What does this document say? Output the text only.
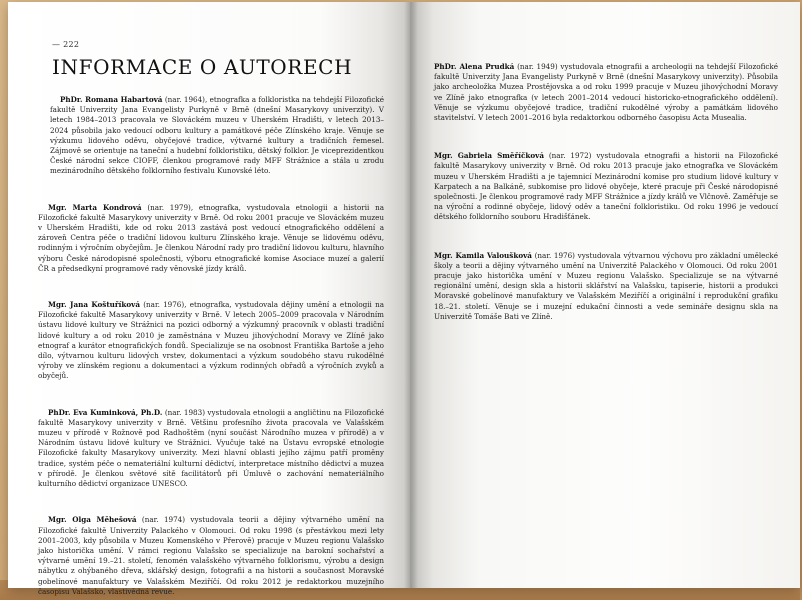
— 222
INFORMACE O AUTORECH

PhDr. Romana Habartová (nar. 1964), etnografka a folkloristka na tehdejší Filozofické fakultě Univerzity Jana Evangelisty Purkyně v Brně (dnešní Masarykovy univerzity). V letech 1984–2013 pracovala ve Slováckém muzeu v Uherském Hradišti, v letech 2013–2024 působila jako vedoucí odboru kultury a památkové péče Zlínského kraje. Věnuje se výzkumu lidového oděvu, obyčejové tradice, výtvarné kultury a tradičních řemesel. Zájmově se orientuje na taneční a hudební folkloristiku, dětský folklor. Je viceprezidentkou České národní sekce CIOFF, členkou programové rady MFF Strážnice a stála u zrodu mezinárodního dětského folklorního festivalu Kunovské léto.

Mgr. Marta Kondrová (nar. 1979), etnografka, vystudovala etnologii a historii na Filozofické fakultě Masarykovy univerzity v Brně. Od roku 2001 pracuje ve Slováckém muzeu v Uherském Hradišti, kde od roku 2013 zastává post vedoucí etnografického oddělení a zároveň Centra péče o tradiční lidovou kulturu Zlínského kraje. Věnuje se lidovému oděvu, rodinným i výročním obyčejům. Je členkou Národní rady pro tradiční lidovou kulturu, hlavního výboru České národopisné společnosti, výboru etnografické komise Asociace muzeí a galerií ČR a předsedkyní programové rady věnovské jízdy králů.

Mgr. Jana Koštuříková (nar. 1976), etnografka, vystudovala dějiny umění a etnologii na Filozofické fakultě Masarykovy univerzity v Brně. V letech 2005–2009 pracovala v Národním ústavu lidové kultury ve Strážnici na pozici odborný a výzkumný pracovník v oblasti tradiční lidové kultury a od roku 2010 je zaměstnána v Muzeu jihovýchodní Moravy ve Zlíně jako etnograf a kurátor etnografických fondů. Specializuje se na osobnost Františka Bartoše a jeho dílo, výtvarnou kulturu lidových vrstev, dokumentaci a výzkum soudobého stavu rukodělné výroby ve zlínském regionu a dokumentaci a výzkum rodinných obřadů a výročních zvyků a obyčejů.

PhDr. Eva Kuminková, Ph.D. (nar. 1983) vystudovala etnologii a angličtinu na Filozofické fakultě Masarykovy univerzity v Brně. Většinu profesního života pracovala ve Valašském muzeu v přírodě v Rožnově pod Radhoštěm (nyní součást Národního muzea v přírodě) a v Národním ústavu lidové kultury ve Strážnici. Vyučuje také na Ústavu evropské etnologie Filozofické fakulty Masarykovy univerzity. Mezi hlavní oblasti jejího zájmu patří proměny tradice, systém péče o nemateriální kulturní dědictví, interpretace místního dědictví a muzea v přírodě. Je členkou světové sítě facilitátorů při Úmluvě o zachování nemateriálního kulturního dědictví organizace UNESCO.

Mgr. Olga Měhešová (nar. 1974) vystudovala teorii a dějiny výtvarného umění na Filozofické fakultě Univerzity Palackého v Olomouci. Od roku 1998 (s přestávkou mezi lety 2001–2003, kdy působila v Muzeu Komenského v Přerově) pracuje v Muzeu regionu Valašsko jako historička umění. V rámci regionu Valašsko se specializuje na barokní sochařství a výtvarné umění 19.–21. století, fenomén valašského výtvarného folklorismu, výrobu a design nábytku z ohýbaného dřeva, sklářský design, fotografii a na historii a současnost Moravské gobelínové manufaktury ve Valašském Meziříčí. Od roku 2012 je redaktorkou muzejního časopisu Valašsko, vlastivědná revue.

PhDr. Alena Prudká (nar. 1949) vystudovala etnografii a archeologii na tehdejší Filozofické fakultě Univerzity Jana Evangelisty Purkyně v Brně (dnešní Masarykovy univerzity). Působila jako archeoložka Muzea Prostějovska a od roku 1999 pracuje v Muzeu jihovýchodní Moravy ve Zlíně jako etnografka (v letech 2001–2014 vedoucí historicko-etnografického oddělení). Věnuje se výzkumu obyčejové tradice, tradiční rukodělné výroby a památkám lidového stavitelství. V letech 2001–2016 byla redaktorkou odborného časopisu Acta Musealia.

Mgr. Gabriela Směříčková (nar. 1972) vystudovala etnografii a historii na Filozofické fakultě Masarykovy univerzity v Brně. Od roku 2013 pracuje jako etnografka ve Slováckém muzeu v Uherském Hradišti a je tajemnicí Mezinárodní komise pro studium lidové kultury v Karpatech a na Balkáně, subkomise pro lidové obyčeje, které pracuje při České národopisné společnosti. Je členkou programové rady MFF Strážnice a jízdy králů ve Vlčnově. Zaměřuje se na výroční a rodinné obyčeje, lidový oděv a taneční folkloristiku. Od roku 1996 je vedoucí dětského folklorního souboru Hradišťánek.

Mgr. Kamila Valoušková (nar. 1976) vystudovala výtvarnou výchovu pro základní umělecké školy a teorii a dějiny výtvarného umění na Univerzitě Palackého v Olomouci. Od roku 2001 pracuje jako historička umění v Muzeu regionu Valašsko. Specializuje se na výtvarné regionální umění, design skla a historii sklářství na Valašsku, tapiserie, historii a produkci Moravské gobelínové manufaktury ve Valašském Meziříčí a originální i reprodukční grafiku 18.–21. století. Věnuje se i muzejní edukační činnosti a vede semináře designu skla na Univerzitě Tomáše Bati ve Zlíně.
